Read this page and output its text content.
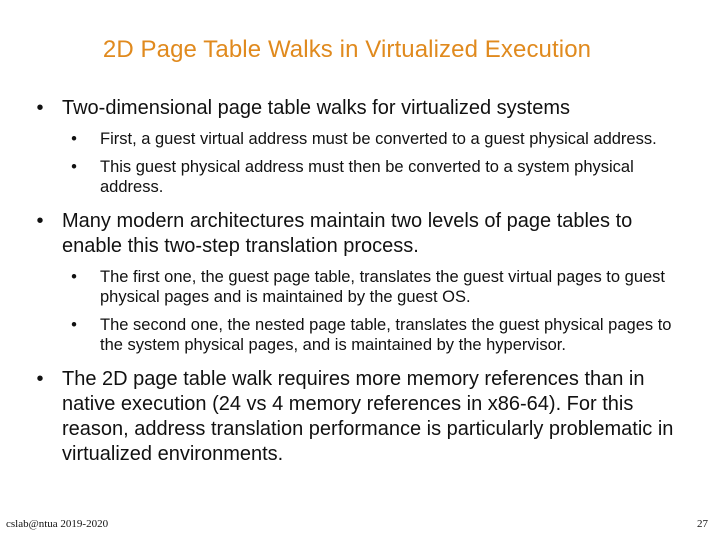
2D Page Table Walks in Virtualized Execution
• Two-dimensional page table walks for virtualized systems
•	First, a guest virtual address must be converted to a guest physical address.
•	This guest physical address must then be converted to a system physical address.
• Many modern architectures maintain two levels of page tables to enable this two-step translation process.
•	The first one, the guest page table, translates the guest virtual pages to guest physical pages and is maintained by the guest OS.
•	The second one, the nested page table, translates the guest physical pages to the system physical pages, and is maintained by the hypervisor.
• The 2D page table walk requires more memory references than in native execution (24 vs 4 memory references in x86-64). For this reason, address translation performance is particularly problematic in virtualized environments.
cslab@ntua 2019-2020	27
